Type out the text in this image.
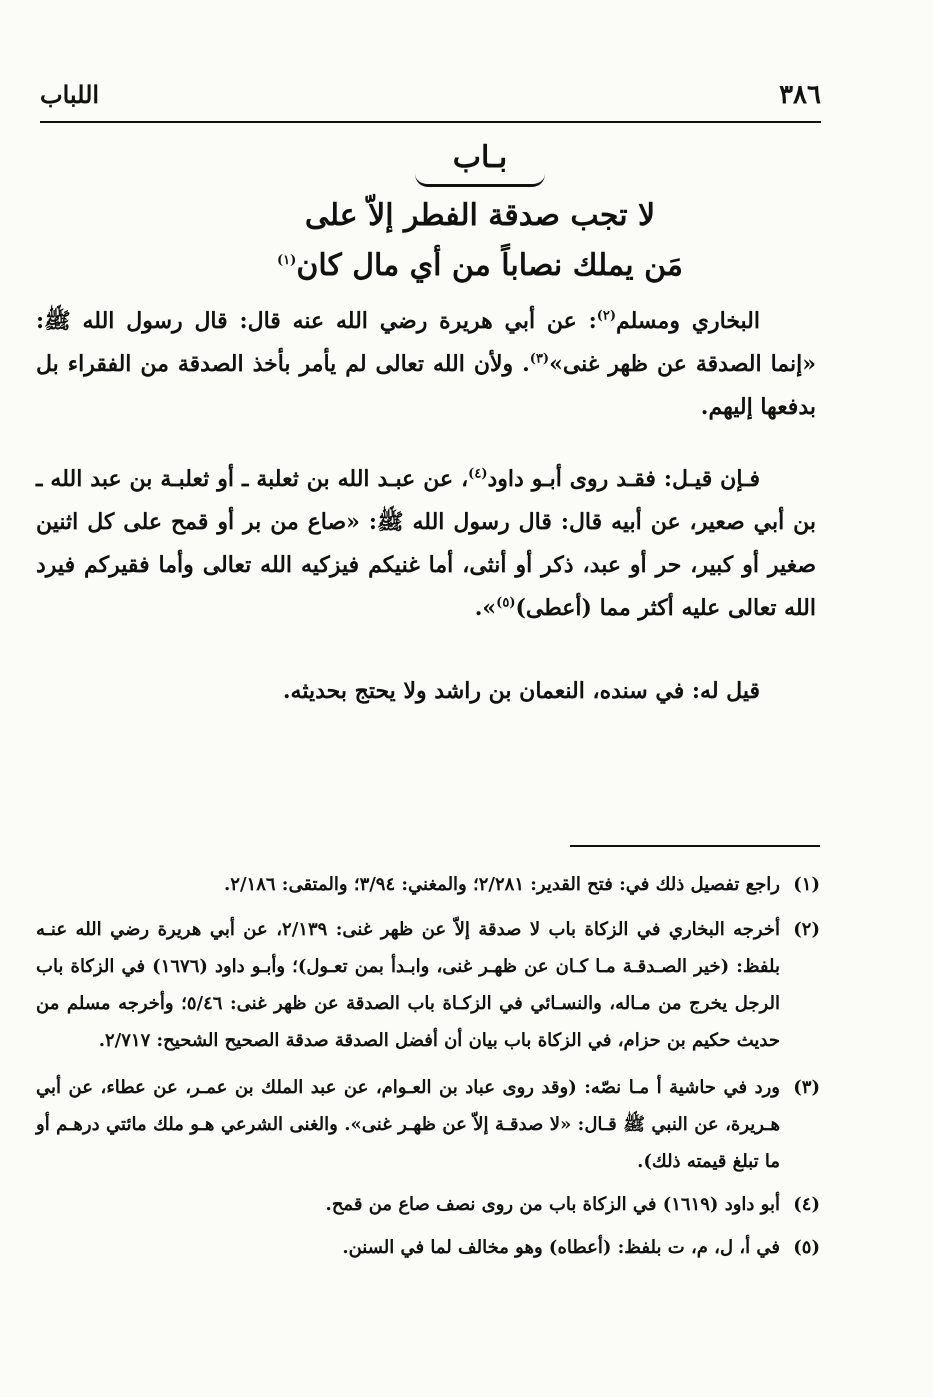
٣٨٦
اللباب
بـاب
لا تجب صدقة الفطر إلاّ على
مَن يملك نصاباً من أي مال كان$^{(١)}$
البخاري ومسلم$^{(٢)}$: عن أبي هريرة رضي الله عنه قال: قال رسول الله ﷺ: «إنما الصدقة عن ظهر غنى»$^{(٣)}$. ولأن الله تعالى لم يأمر بأخذ الصدقة من الفقراء بل بدفعها إليهم.
فـإن قيـل: فقـد روى أبـو داود$^{(٤)}$، عن عبـد الله بن ثعلبة ـ أو ثعلبـة بن عبد الله ـ بن أبي صعير، عن أبيه قال: قال رسول الله ﷺ: «صاع من بر أو قمح على كل اثنين صغير أو كبير، حر أو عبد، ذكر أو أنثى، أما غنيكم فيزكيه الله تعالى وأما فقيركم فيرد الله تعالى عليه أكثر مما (أعطى)$^{(٥)}$».
قيل له: في سنده، النعمان بن راشد ولا يحتج بحديثه.
(١)
راجع تفصيل ذلك في: فتح القدير: ٢/٢٨١؛ والمغني: ٣/٩٤؛ والمتقى: ٢/١٨٦.
(٢)
أخرجه البخاري في الزكاة باب لا صدقة إلاّ عن ظهر غنى: ٢/١٣٩، عن أبي هريرة رضي الله عنـه بلفظ: (خير الصـدقـة مـا كـان عن ظهـر غنى، وابـدأ بمن تعـول)؛ وأبـو داود (١٦٧٦) في الزكاة باب الرجل يخرج من مـاله، والنسـائي في الزكـاة باب الصدقة عن ظهر غنى: ٥/٤٦؛ وأخرجه مسلم من حديث حكيم بن حزام، في الزكاة باب بيان أن أفضل الصدقة صدقة الصحيح الشحيح: ٢/٧١٧.
(٣)
ورد في حاشية أ مـا نصّه: (وقد روى عباد بن العـوام، عن عبد الملك بن عمـر، عن عطاء، عن أبي هـريرة، عن النبي ﷺ قـال: «لا صدقـة إلاّ عن ظهـر غنى». والغنى الشرعي هـو ملك مائتي درهـم أو ما تبلغ قيمته ذلك).
(٤)
أبو داود (١٦١٩) في الزكاة باب من روى نصف صاع من قمح.
(٥)
في أ، ل، م، ت بلفظ: (أعطاه) وهو مخالف لما في السنن.
